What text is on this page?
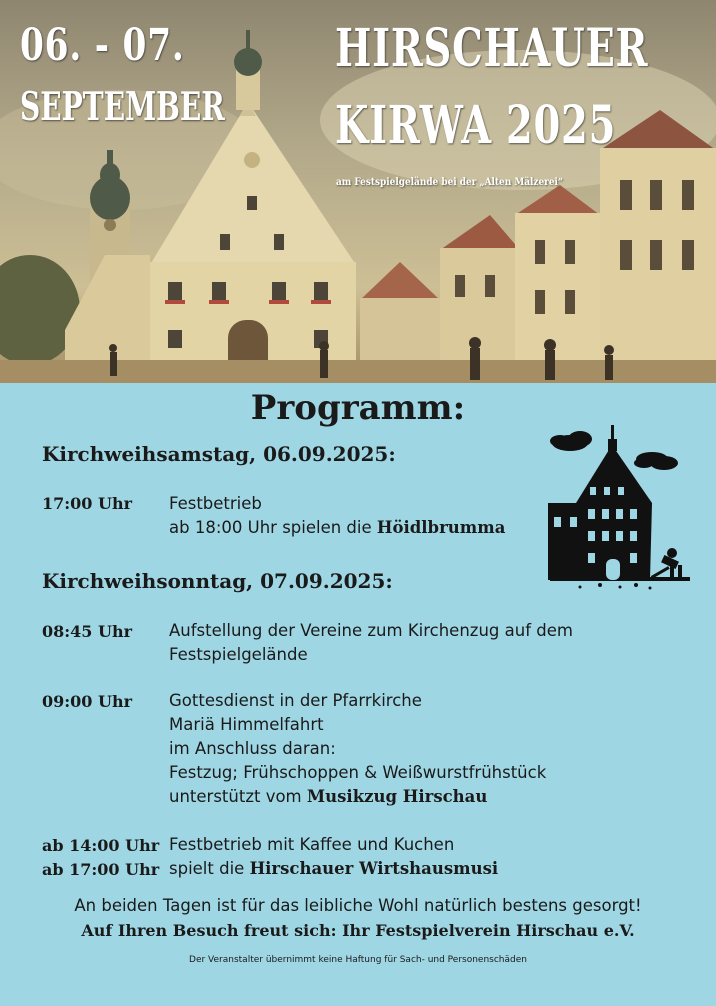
06. - 07.
SEPTEMBER
HIRSCHAUER
KIRWA 2025
am Festspielgelände bei der „Alten Mälzerei“
Programm:
Kirchweihsamstag, 06.09.2025:
17:00 Uhr Festbetrieb
ab 18:00 Uhr spielen die Höidlbrumma
Kirchweihsonntag, 07.09.2025:
08:45 Uhr Aufstellung der Vereine zum Kirchenzug auf dem
Festspielgelände
09:00 Uhr Gottesdienst in der Pfarrkirche
Mariä Himmelfahrt
im Anschluss daran:
Festzug; Frühschoppen & Weißwurstfrühstück
unterstützt vom Musikzug Hirschau
ab 14:00 Uhr Festbetrieb mit Kaffee und Kuchen
ab 17:00 Uhr spielt die Hirschauer Wirtshausmusi
An beiden Tagen ist für das leibliche Wohl natürlich bestens gesorgt!
Auf Ihren Besuch freut sich: Ihr Festspielverein Hirschau e.V.
Der Veranstalter übernimmt keine Haftung für Sach- und Personenschäden
